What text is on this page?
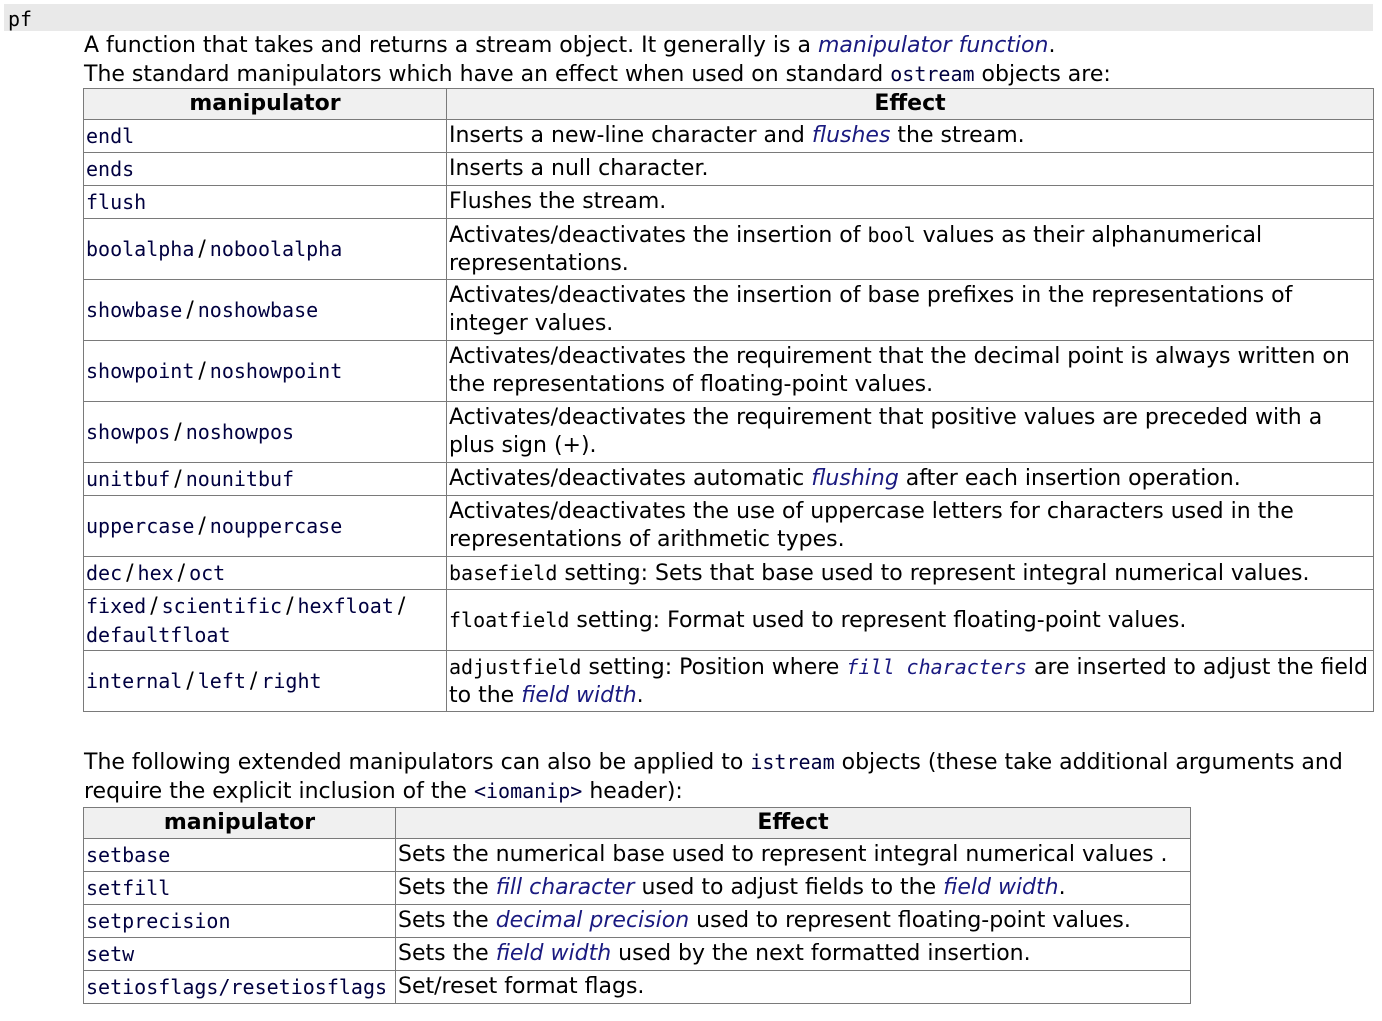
pf

A function that takes and returns a stream object. It generally is a manipulator function.

The standard manipulators which have an effect when used on standard ostream objects are:

manipulator	Effect
endl	Inserts a new-line character and flushes the stream.
ends	Inserts a null character.
flush	Flushes the stream.
boolalpha / noboolalpha	Activates/deactivates the insertion of bool values as their alphanumerical representations.
showbase / noshowbase	Activates/deactivates the insertion of base prefixes in the representations of integer values.
showpoint / noshowpoint	Activates/deactivates the requirement that the decimal point is always written on the representations of floating-point values.
showpos / noshowpos	Activates/deactivates the requirement that positive values are preceded with a plus sign (+).
unitbuf / nounitbuf	Activates/deactivates automatic flushing after each insertion operation.
uppercase / nouppercase	Activates/deactivates the use of uppercase letters for characters used in the representations of arithmetic types.
dec / hex / oct	basefield setting: Sets that base used to represent integral numerical values.
fixed / scientific / hexfloat /
defaultfloat	floatfield setting: Format used to represent floating-point values.
internal / left / right	adjustfield setting: Position where fill characters are inserted to adjust the field to the field width.

The following extended manipulators can also be applied to istream objects (these take additional arguments and require the explicit inclusion of the <iomanip> header):

manipulator	Effect
setbase	Sets the numerical base used to represent integral numerical values .
setfill	Sets the fill character used to adjust fields to the field width.
setprecision	Sets the decimal precision used to represent floating-point values.
setw	Sets the field width used by the next formatted insertion.
setiosflags/resetiosflags	Set/reset format flags.
